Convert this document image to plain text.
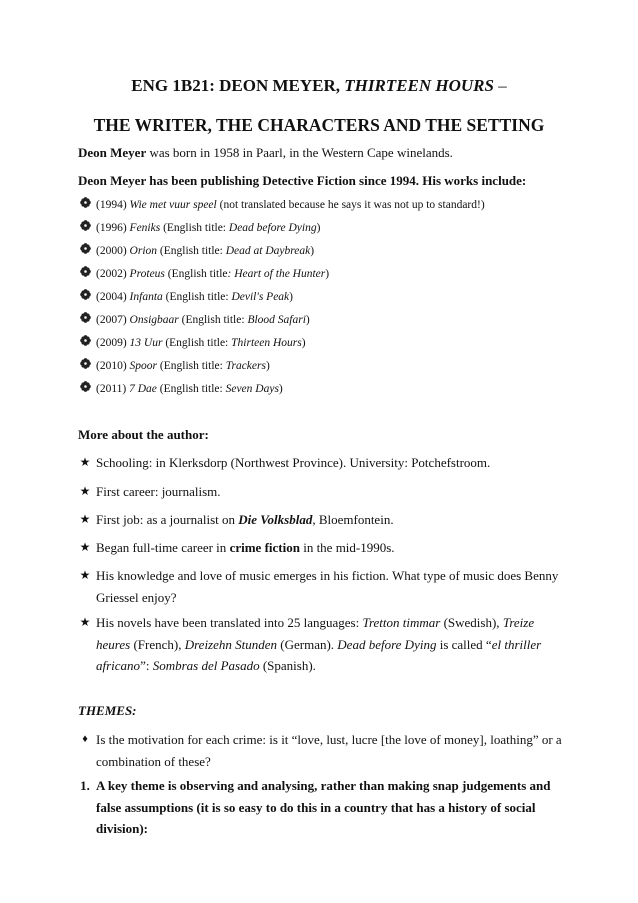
ENG 1B21: DEON MEYER, THIRTEEN HOURS –
THE WRITER, THE CHARACTERS AND THE SETTING
Deon Meyer was born in 1958 in Paarl, in the Western Cape winelands.
Deon Meyer has been publishing Detective Fiction since 1994. His works include:
(1994) Wie met vuur speel (not translated because he says it was not up to standard!)
(1996) Feniks (English title: Dead before Dying)
(2000) Orion (English title: Dead at Daybreak)
(2002) Proteus (English title: Heart of the Hunter)
(2004) Infanta (English title: Devil's Peak)
(2007) Onsigbaar (English title: Blood Safari)
(2009) 13 Uur (English title: Thirteen Hours)
(2010) Spoor (English title: Trackers)
(2011) 7 Dae (English title: Seven Days)
More about the author:
★ Schooling: in Klerksdorp (Northwest Province). University: Potchefstroom.
★ First career: journalism.
★ First job: as a journalist on Die Volksblad, Bloemfontein.
★ Began full-time career in crime fiction in the mid-1990s.
★ His knowledge and love of music emerges in his fiction. What type of music does Benny
Griessel enjoy?
★ His novels have been translated into 25 languages: Tretton timmar (Swedish), Treize
heures (French), Dreizehn Stunden (German). Dead before Dying is called “el thriller
africano”: Sombras del Pasado (Spanish).
THEMES:
♦ Is the motivation for each crime: is it “love, lust, lucre [the love of money], loathing” or a
combination of these?
1. A key theme is observing and analysing, rather than making snap judgements and
false assumptions (it is so easy to do this in a country that has a history of social
division):
